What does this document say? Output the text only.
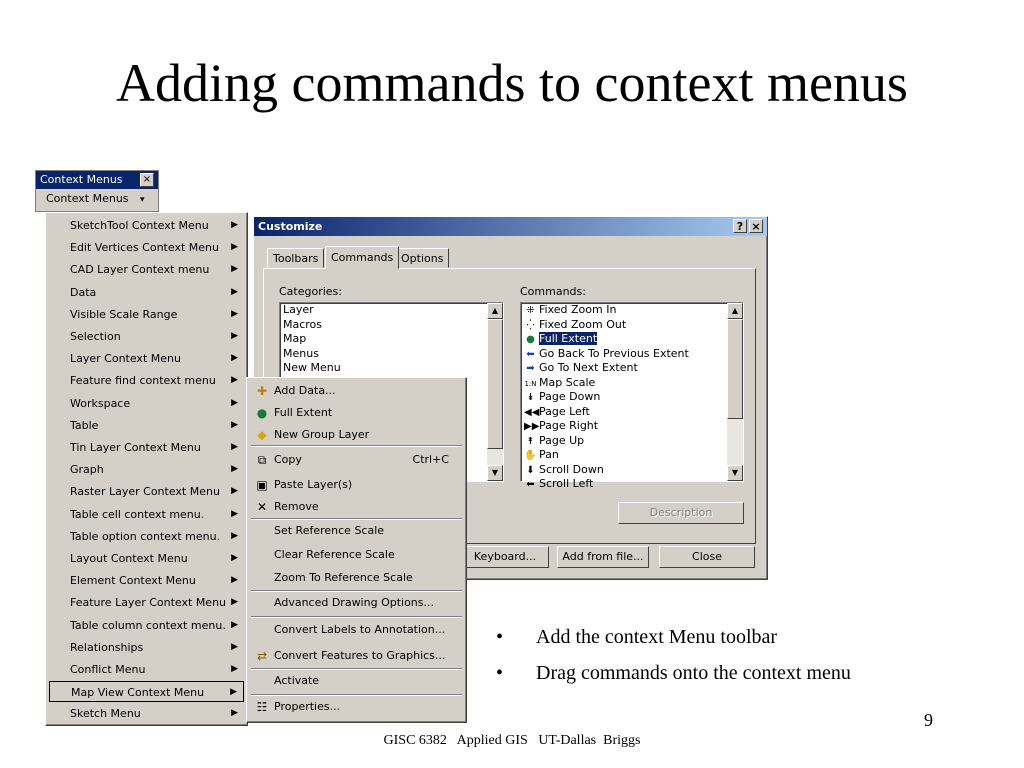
Adding commands to context menus
Context Menus ×
Context Menus ▾
SketchTool Context Menu ▶
Edit Vertices Context Menu ▶
CAD Layer Context menu ▶
Data	▶
Visible Scale Range	▶
Selection	▶
Layer Context Menu	▶
Feature find context menu ▶
Workspace	▶
Table	▶
Tin Layer Context Menu	▶
Graph	▶
Raster Layer Context Menu ▶
Table cell context menu.	▶
Table option context menu. ▶
Layout Context Menu	▶
Element Context Menu	▶
Feature Layer Context Menu ▶
Table column context menu. ▶
Relationships	▶
Conflict Menu	▶
Map View Context Menu	▶
Sketch Menu	▶
Customize	? ×
Toolbars	Commands Options
Categories:
Layer
Macros
Map
Menus
New Menu
▲
▼
Commands:
⁜ Fixed Zoom In
⁛ Fixed Zoom Out
● Full Extent
⬅ Go Back To Previous Extent
➡ Go To Next Extent
1:N Map Scale
⯯ Page Down
◀◀Page Left
▶▶Page Right
⯭ Page Up
✋ Pan
⬇ Scroll Down
⬅ Scroll Left
▲
▼
Description
Keyboard...	Add from file...	Close
✚ Add Data...
● Full Extent
◆ New Group Layer
⧉ Copy	Ctrl+C
▣ Paste Layer(s)
✕ Remove
Set Reference Scale
Clear Reference Scale
Zoom To Reference Scale
Advanced Drawing Options...
Convert Labels to Annotation...
⇄ Convert Features to Graphics...
Activate
☷ Properties...
• Add the context Menu toolbar
• Drag commands onto the context menu
9
GISC 6382   Applied GIS   UT-Dallas  Briggs
